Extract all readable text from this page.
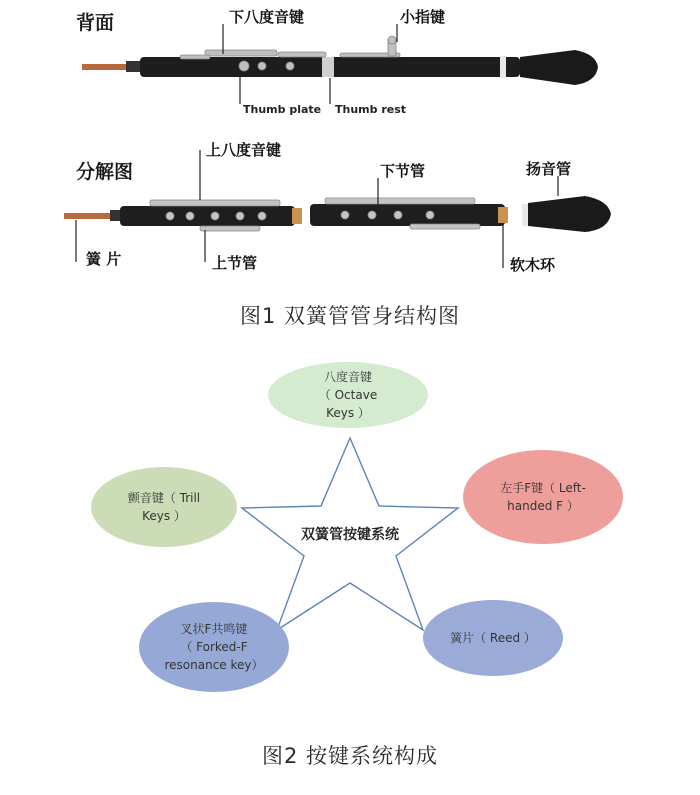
背面
分解图
下八度音键	小指键
Thumb plate Thumb rest
上八度音键
下节管	扬音管
簧 片	上节管	软木环
图1 双簧管管身结构图
双簧管按键系统
八度音键
（ Octave
Keys ）
左手F键（ Left-
handed F ）
簧片（ Reed ）
叉状F共鸣键
（ Forked-F
resonance key）
颤音键（ Trill
Keys ）
图2 按键系统构成
